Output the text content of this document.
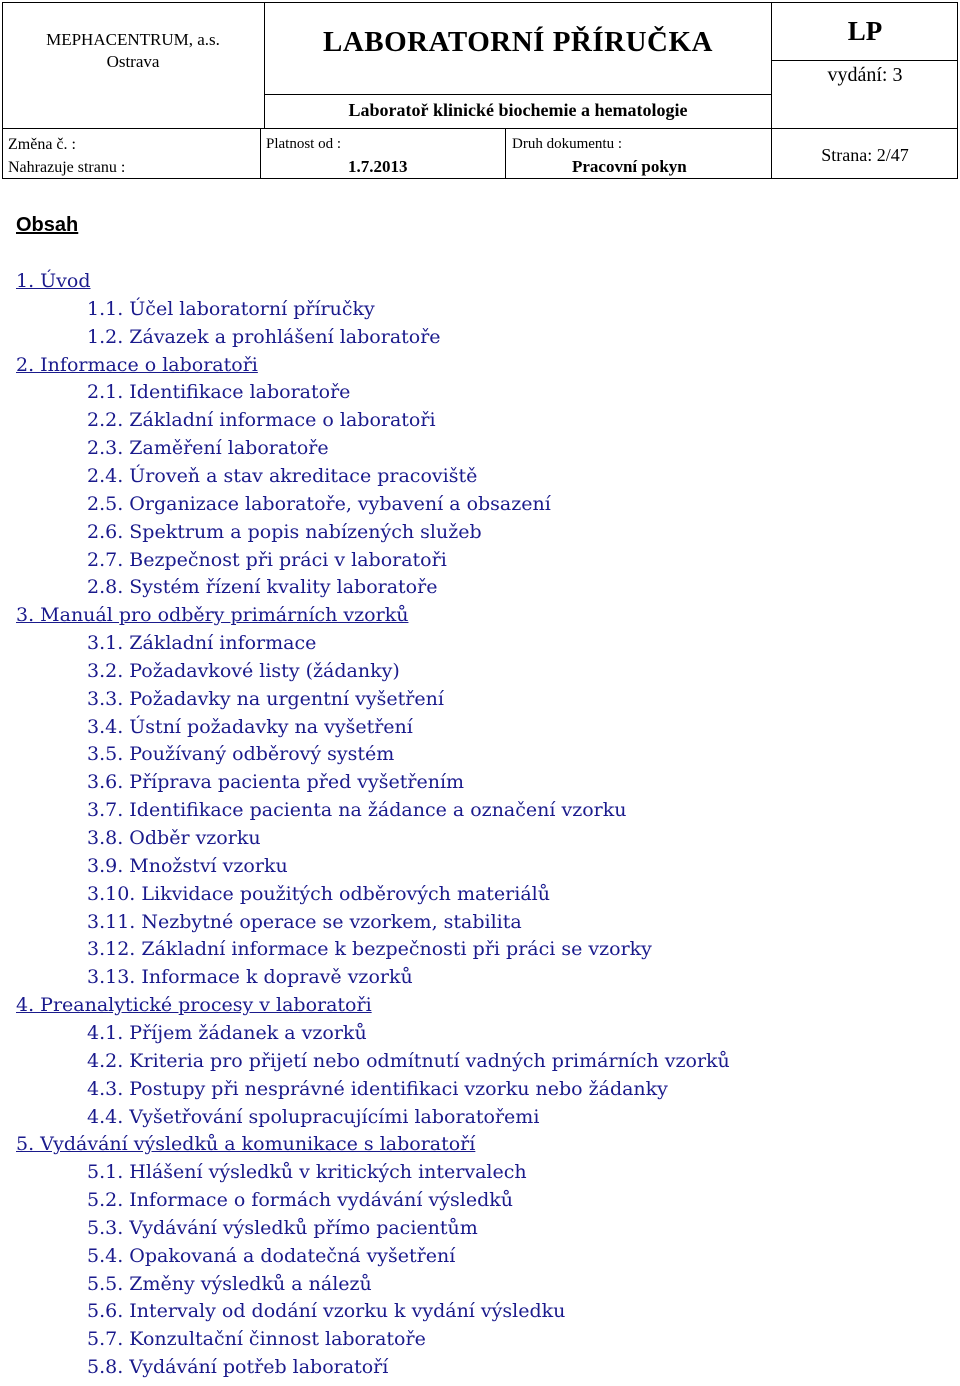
MEPHACENTRUM, a.s.
Ostrava
LABORATORNÍ PŘÍRUČKA	LP
vydání: 3
Laboratoř klinické biochemie a hematologie
Změna č. :
Nahrazuje stranu :
Platnost od :
1.7.2013
Druh dokumentu :
Pracovní pokyn
Strana: 2/47
Obsah
1. Úvod
1.1. Účel laboratorní příručky
1.2. Závazek a prohlášení laboratoře
2. Informace o laboratoři
2.1. Identifikace laboratoře
2.2. Základní informace o laboratoři
2.3. Zaměření laboratoře
2.4. Úroveň a stav akreditace pracoviště
2.5. Organizace laboratoře, vybavení a obsazení
2.6. Spektrum a popis nabízených služeb
2.7. Bezpečnost při práci v laboratoři
2.8. Systém řízení kvality laboratoře
3. Manuál pro odběry primárních vzorků
3.1. Základní informace
3.2. Požadavkové listy (žádanky)
3.3. Požadavky na urgentní vyšetření
3.4. Ústní požadavky na vyšetření
3.5. Používaný odběrový systém
3.6. Příprava pacienta před vyšetřením
3.7. Identifikace pacienta na žádance a označení vzorku
3.8. Odběr vzorku
3.9. Množství vzorku
3.10. Likvidace použitých odběrových materiálů
3.11. Nezbytné operace se vzorkem, stabilita
3.12. Základní informace k bezpečnosti při práci se vzorky
3.13. Informace k dopravě vzorků
4. Preanalytické procesy v laboratoři
4.1. Příjem žádanek a vzorků
4.2. Kriteria pro přijetí nebo odmítnutí vadných primárních vzorků
4.3. Postupy při nesprávné identifikaci vzorku nebo žádanky
4.4. Vyšetřování spolupracujícími laboratořemi
5. Vydávání výsledků a komunikace s laboratoří
5.1. Hlášení výsledků v kritických intervalech
5.2. Informace o formách vydávání výsledků
5.3. Vydávání výsledků přímo pacientům
5.4. Opakovaná a dodatečná vyšetření
5.5. Změny výsledků a nálezů
5.6. Intervaly od dodání vzorku k vydání výsledku
5.7. Konzultační činnost laboratoře
5.8. Vydávání potřeb laboratoří
